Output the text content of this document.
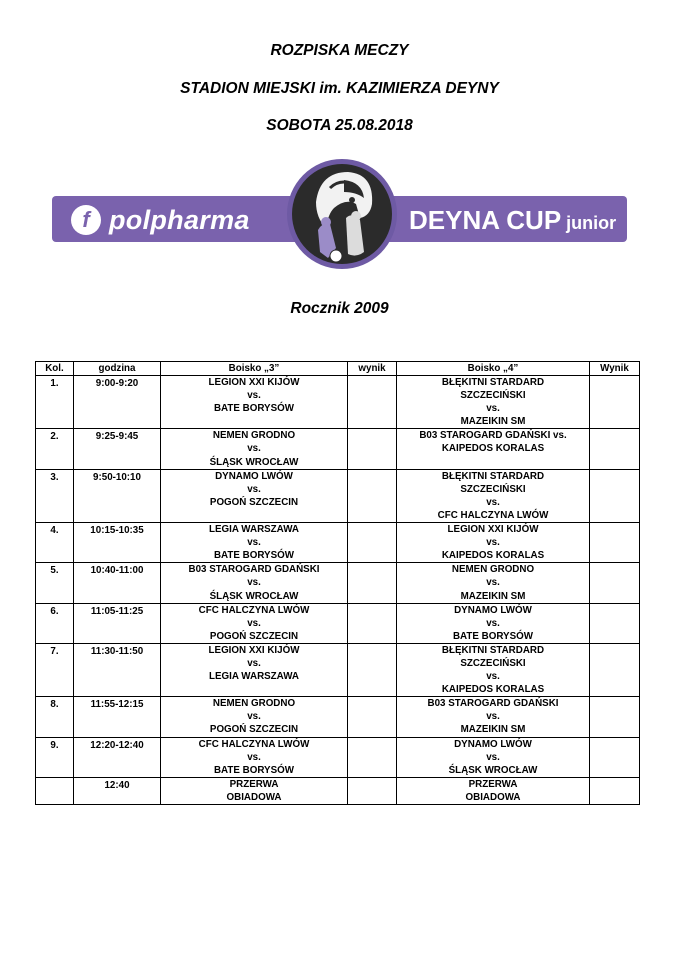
ROZPISKA MECZY
STADION MIEJSKI im. KAZIMIERZA DEYNY
SOBOTA 25.08.2018
f polpharma	DEYNA CUP junior
Rocznik 2009
Kol.	godzina	Boisko „3”	wynik	Boisko „4”	Wynik
1.	9:00-9:20	LEGION XXI KIJÓW
vs.
BATE BORYSÓW		BŁĘKITNI STARDARD
SZCZECIŃSKI
vs.
MAZEIKIN SM	

2.	9:25-9:45	NEMEN GRODNO
vs.
ŚLĄSK WROCŁAW		B03 STAROGARD GDAŃSKI vs.
KAIPEDOS KORALAS	

3.	9:50-10:10	DYNAMO LWÓW
vs.
POGOŃ SZCZECIN		BŁĘKITNI STARDARD
SZCZECIŃSKI
vs.
CFC HALCZYNA LWÓW	

4.	10:15-10:35	LEGIA WARSZAWA
vs.
BATE BORYSÓW		LEGION XXI KIJÓW
vs.
KAIPEDOS KORALAS	

5.	10:40-11:00	B03 STAROGARD GDAŃSKI
vs.
ŚLĄSK WROCŁAW		NEMEN GRODNO
vs.
MAZEIKIN SM	

6.	11:05-11:25	CFC HALCZYNA LWÓW
vs.
POGOŃ SZCZECIN		DYNAMO LWÓW
vs.
BATE BORYSÓW	

7.	11:30-11:50	LEGION XXI KIJÓW
vs.
LEGIA WARSZAWA		BŁĘKITNI STARDARD
SZCZECIŃSKI
vs.
KAIPEDOS KORALAS	

8.	11:55-12:15	NEMEN GRODNO
vs.
POGOŃ SZCZECIN		B03 STAROGARD GDAŃSKI
vs.
MAZEIKIN SM	

9.	12:20-12:40	CFC HALCZYNA LWÓW
vs.
BATE BORYSÓW		DYNAMO LWÓW
vs.
ŚLĄSK WROCŁAW	

	12:40	PRZERWA
OBIADOWA		PRZERWA
OBIADOWA	
